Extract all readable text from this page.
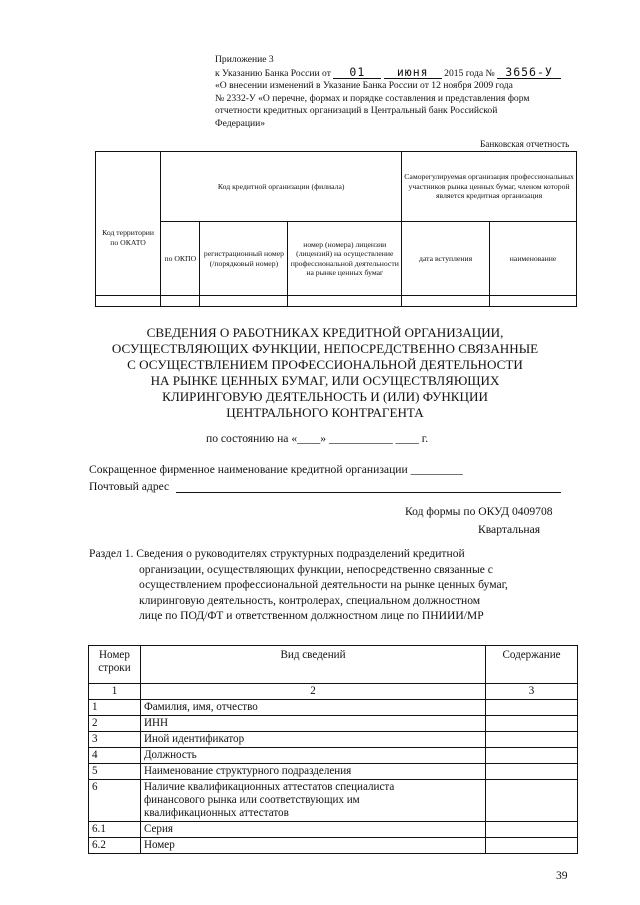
Приложение 3
к Указанию Банка России от 01	июня 2015 года № 3656-У
«О внесении изменений в Указание Банка России от 12 ноября 2009 года
№ 2332-У «О перечне, формах и порядке составления и представления форм
отчетности кредитных организаций в Центральный банк Российской
Федерации»
Банковская отчетность
Код территории по ОКАТО	Код кредитной организации (филиала)			Саморегулируемая организация профессиональных участников рынка ценных бумаг, членом которой является кредитная организация	
	по ОКПО	регистрационный номер (/порядковый номер)	номер (номера) лицензии (лицензий) на осуществление профессиональной деятельности на рынке ценных бумаг	дата вступления	наименование

СВЕДЕНИЯ О РАБОТНИКАХ КРЕДИТНОЙ ОРГАНИЗАЦИИ,
ОСУЩЕСТВЛЯЮЩИХ ФУНКЦИИ, НЕПОСРЕДСТВЕННО СВЯЗАННЫЕ
С ОСУЩЕСТВЛЕНИЕМ ПРОФЕССИОНАЛЬНОЙ ДЕЯТЕЛЬНОСТИ
НА РЫНКЕ ЦЕННЫХ БУМАГ, ИЛИ ОСУЩЕСТВЛЯЮЩИХ
КЛИРИНГОВУЮ ДЕЯТЕЛЬНОСТЬ И (ИЛИ) ФУНКЦИИ
ЦЕНТРАЛЬНОГО КОНТРАГЕНТА
по состоянию на «____» ___________ ____ г.
Сокращенное фирменное наименование кредитной организации _________
Почтовый адрес
Код формы по ОКУД 0409708
Квартальная
Раздел 1. Сведения о руководителях структурных подразделений кредитной
организации, осуществляющих функции, непосредственно связанные с
осуществлением профессиональной деятельности на рынке ценных бумаг,
клиринговую деятельность, контролерах, специальном должностном
лице по ПОД/ФТ и ответственном должностном лице по ПНИИИ/МР
Номер строки	Вид сведений	Содержание
1	2	3
1	Фамилия, имя, отчество	
2	ИНН	
3	Иной идентификатор	
4	Должность	
5	Наименование структурного подразделения	
6	Наличие квалификационных аттестатов специалиста финансового рынка или соответствующих им квалификационных аттестатов	
6.1	Серия	
6.2	Номер	
39
